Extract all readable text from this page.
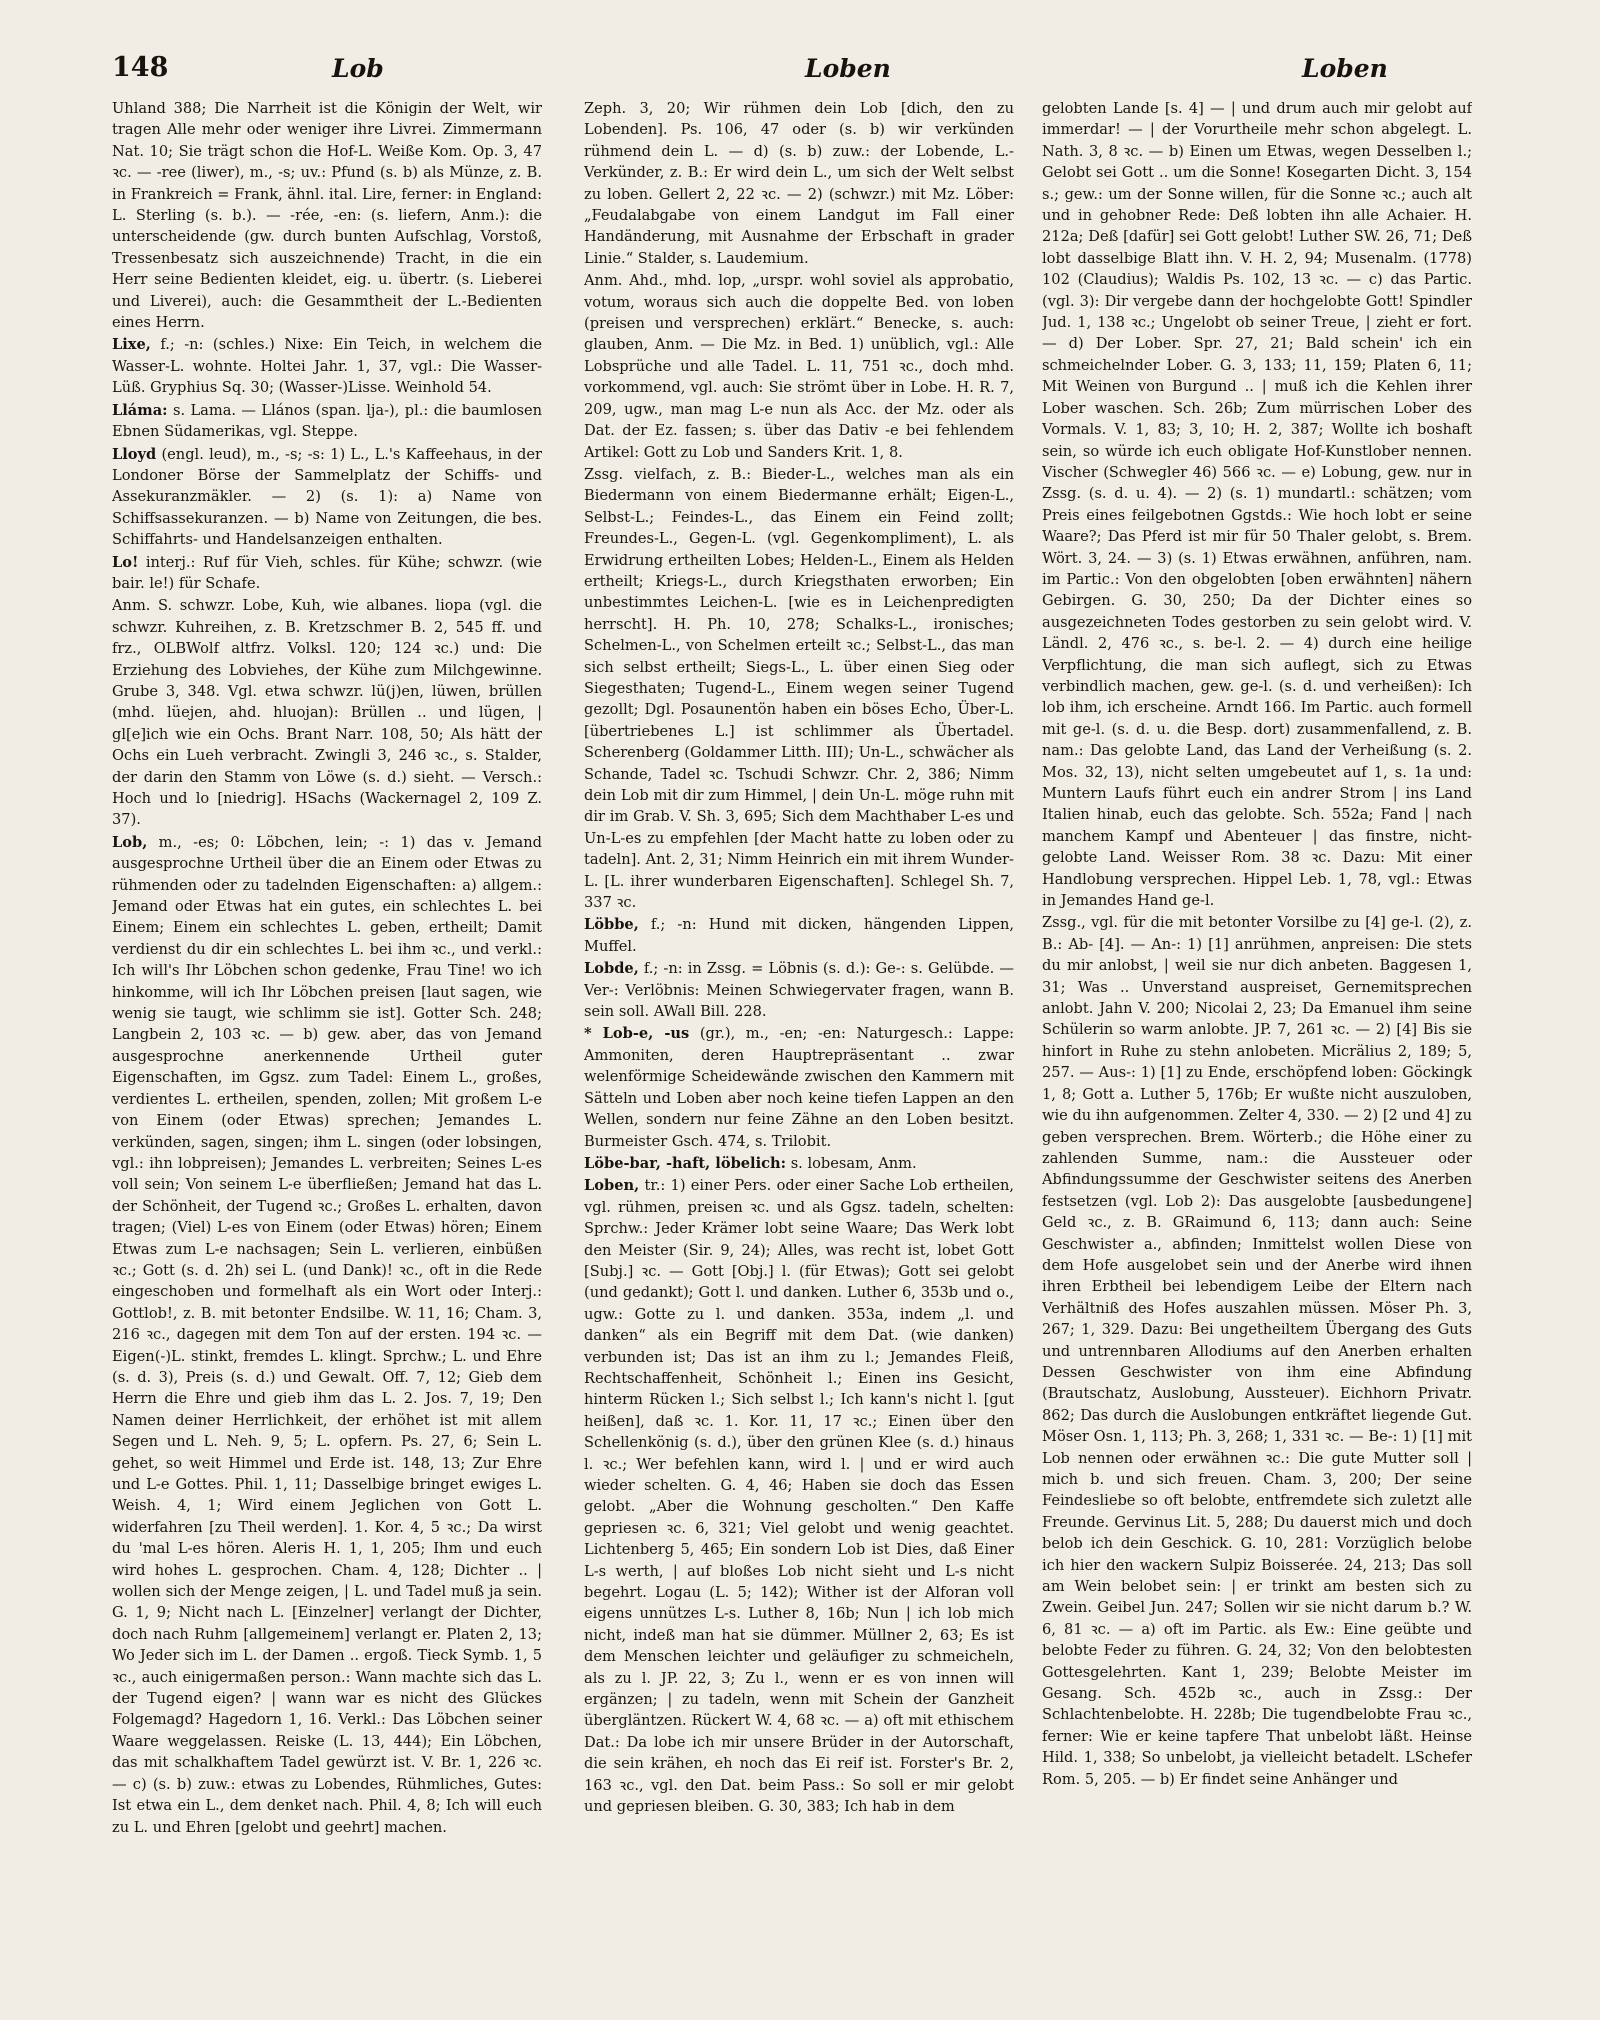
148	Lob	Loben	Loben

Uhland 388; Die Narrheit ist die Königin der Welt, wir tragen Alle mehr oder weniger ihre Livrei. Zimmermann Nat. 10; Sie trägt schon die Hof-L. Weiße Kom. Op. 3, 47 ꝛc. — -ree (liwer), m., -s; uv.: Pfund (s. b) als Münze, z. B. in Frankreich = Frank, ähnl. ital. Lire, ferner: in England: L. Sterling (s. b.). — -rée, -en: (s. liefern, Anm.): die unterscheidende (gw. durch bunten Aufschlag, Vorstoß, Tressenbesatz sich auszeichnende) Tracht, in die ein Herr seine Bedienten kleidet, eig. u. übertr. (s. Lieberei und Liverei), auch: die Gesammtheit der L.-Bedienten eines Herrn.

Lixe, f.; -n: (schles.) Nixe: Ein Teich, in welchem die Wasser-L. wohnte. Holtei Jahr. 1, 37, vgl.: Die Wasser-Lüß. Gryphius Sq. 30; (Wasser-)Lisse. Weinhold 54.

Lláma: s. Lama. — Llános (span. lja-), pl.: die baumlosen Ebnen Südamerikas, vgl. Steppe.

Lloyd (engl. leud), m., -s; -s: 1) L., L.'s Kaffeehaus, in der Londoner Börse der Sammelplatz der Schiffs- und Assekuranzmäkler. — 2) (s. 1): a) Name von Schiffsassekuranzen. — b) Name von Zeitungen, die bes. Schiffahrts- und Handelsanzeigen enthalten.

Lo! interj.: Ruf für Vieh, schles. für Kühe; schwzr. (wie bair. le!) für Schafe.

Anm. S. schwzr. Lobe, Kuh, wie albanes. liopa (vgl. die schwzr. Kuhreihen, z. B. Kretzschmer B. 2, 545 ff. und frz., OLBWolf altfrz. Volksl. 120; 124 ꝛc.) und: Die Erziehung des Lobviehes, der Kühe zum Milchgewinne. Grube 3, 348. Vgl. etwa schwzr. lü(j)en, lüwen, brüllen (mhd. lüejen, ahd. hluojan): Brüllen .. und lügen, | gl[e]ich wie ein Ochs. Brant Narr. 108, 50; Als hätt der Ochs ein Lueh verbracht. Zwingli 3, 246 ꝛc., s. Stalder, der darin den Stamm von Löwe (s. d.) sieht. — Versch.: Hoch und lo [niedrig]. HSachs (Wackernagel 2, 109 Z. 37).

Lob, m., -es; 0: Löbchen, lein; -: 1) das v. Jemand ausgesprochne Urtheil über die an Einem oder Etwas zu rühmenden oder zu tadelnden Eigenschaften: a) allgem.: Jemand oder Etwas hat ein gutes, ein schlechtes L. bei Einem; Einem ein schlechtes L. geben, ertheilt; Damit verdienst du dir ein schlechtes L. bei ihm ꝛc., und verkl.: Ich will's Ihr Löbchen schon gedenke, Frau Tine! wo ich hinkomme, will ich Ihr Löbchen preisen [laut sagen, wie wenig sie taugt, wie schlimm sie ist]. Gotter Sch. 248; Langbein 2, 103 ꝛc. — b) gew. aber, das von Jemand ausgesprochne anerkennende Urtheil guter Eigenschaften, im Ggsz. zum Tadel: Einem L., großes, verdientes L. ertheilen, spenden, zollen; Mit großem L-e von Einem (oder Etwas) sprechen; Jemandes L. verkünden, sagen, singen; ihm L. singen (oder lobsingen, vgl.: ihn lobpreisen); Jemandes L. verbreiten; Seines L-es voll sein; Von seinem L-e überfließen; Jemand hat das L. der Schönheit, der Tugend ꝛc.; Großes L. erhalten, davon tragen; (Viel) L-es von Einem (oder Etwas) hören; Einem Etwas zum L-e nachsagen; Sein L. verlieren, einbüßen ꝛc.; Gott (s. d. 2h) sei L. (und Dank)! ꝛc., oft in die Rede eingeschoben und formelhaft als ein Wort oder Interj.: Gottlob!, z. B. mit betonter Endsilbe. W. 11, 16; Cham. 3, 216 ꝛc., dagegen mit dem Ton auf der ersten. 194 ꝛc. — Eigen(-)L. stinkt, fremdes L. klingt. Sprchw.; L. und Ehre (s. d. 3), Preis (s. d.) und Gewalt. Off. 7, 12; Gieb dem Herrn die Ehre und gieb ihm das L. 2. Jos. 7, 19; Den Namen deiner Herrlichkeit, der erhöhet ist mit allem Segen und L. Neh. 9, 5; L. opfern. Ps. 27, 6; Sein L. gehet, so weit Himmel und Erde ist. 148, 13; Zur Ehre und L-e Gottes. Phil. 1, 11; Dasselbige bringet ewiges L. Weish. 4, 1; Wird einem Jeglichen von Gott L. widerfahren [zu Theil werden]. 1. Kor. 4, 5 ꝛc.; Da wirst du 'mal L-es hören. Aleris H. 1, 1, 205; Ihm und euch wird hohes L. gesprochen. Cham. 4, 128; Dichter .. | wollen sich der Menge zeigen, | L. und Tadel muß ja sein. G. 1, 9; Nicht nach L. [Einzelner] verlangt der Dichter, doch nach Ruhm [allgemeinem] verlangt er. Platen 2, 13; Wo Jeder sich im L. der Damen .. ergoß. Tieck Symb. 1, 5 ꝛc., auch einigermaßen person.: Wann machte sich das L. der Tugend eigen? | wann war es nicht des Glückes Folgemagd? Hagedorn 1, 16. Verkl.: Das Löbchen seiner Waare weggelassen. Reiske (L. 13, 444); Ein Löbchen, das mit schalkhaftem Tadel gewürzt ist. V. Br. 1, 226 ꝛc. — c) (s. b) zuw.: etwas zu Lobendes, Rühmliches, Gutes: Ist etwa ein L., dem denket nach. Phil. 4, 8; Ich will euch zu L. und Ehren [gelobt und geehrt] machen.

Zeph. 3, 20; Wir rühmen dein Lob [dich, den zu Lobenden]. Ps. 106, 47 oder (s. b) wir verkünden rühmend dein L. — d) (s. b) zuw.: der Lobende, L.-Verkünder, z. B.: Er wird dein L., um sich der Welt selbst zu loben. Gellert 2, 22 ꝛc. — 2) (schwzr.) mit Mz. Löber: „Feudalabgabe von einem Landgut im Fall einer Handänderung, mit Ausnahme der Erbschaft in grader Linie.“ Stalder, s. Laudemium.

Anm. Ahd., mhd. lop, „urspr. wohl soviel als approbatio, votum, woraus sich auch die doppelte Bed. von loben (preisen und versprechen) erklärt.“ Benecke, s. auch: glauben, Anm. — Die Mz. in Bed. 1) unüblich, vgl.: Alle Lobsprüche und alle Tadel. L. 11, 751 ꝛc., doch mhd. vorkommend, vgl. auch: Sie strömt über in Lobe. H. R. 7, 209, ugw., man mag L-e nun als Acc. der Mz. oder als Dat. der Ez. fassen; s. über das Dativ -e bei fehlendem Artikel: Gott zu Lob und Sanders Krit. 1, 8.

Zssg. vielfach, z. B.: Bieder-L., welches man als ein Biedermann von einem Biedermanne erhält; Eigen-L., Selbst-L.; Feindes-L., das Einem ein Feind zollt; Freundes-L., Gegen-L. (vgl. Gegenkompliment), L. als Erwidrung ertheilten Lobes; Helden-L., Einem als Helden ertheilt; Kriegs-L., durch Kriegsthaten erworben; Ein unbestimmtes Leichen-L. [wie es in Leichenpredigten herrscht]. H. Ph. 10, 278; Schalks-L., ironisches; Schelmen-L., von Schelmen erteilt ꝛc.; Selbst-L., das man sich selbst ertheilt; Siegs-L., L. über einen Sieg oder Siegesthaten; Tugend-L., Einem wegen seiner Tugend gezollt; Dgl. Posaunentön haben ein böses Echo, Über-L. [übertriebenes L.] ist schlimmer als Übertadel. Scherenberg (Goldammer Litth. III); Un-L., schwächer als Schande, Tadel ꝛc. Tschudi Schwzr. Chr. 2, 386; Nimm dein Lob mit dir zum Himmel, | dein Un-L. möge ruhn mit dir im Grab. V. Sh. 3, 695; Sich dem Machthaber L-es und Un-L-es zu empfehlen [der Macht hatte zu loben oder zu tadeln]. Ant. 2, 31; Nimm Heinrich ein mit ihrem Wunder-L. [L. ihrer wunderbaren Eigenschaften]. Schlegel Sh. 7, 337 ꝛc.

Löbbe, f.; -n: Hund mit dicken, hängenden Lippen, Muffel.

Lobde, f.; -n: in Zssg. = Löbnis (s. d.): Ge-: s. Gelübde. — Ver-: Verlöbnis: Meinen Schwiegervater fragen, wann B. sein soll. AWall Bill. 228.

* Lob-e, -us (gr.), m., -en; -en: Naturgesch.: Lappe: Ammoniten, deren Hauptrepräsentant .. zwar welenförmige Scheidewände zwischen den Kammern mit Sätteln und Loben aber noch keine tiefen Lappen an den Wellen, sondern nur feine Zähne an den Loben besitzt. Burmeister Gsch. 474, s. Trilobit.

Löbe-bar, -haft, löbelich: s. lobesam, Anm.

Loben, tr.: 1) einer Pers. oder einer Sache Lob ertheilen, vgl. rühmen, preisen ꝛc. und als Ggsz. tadeln, schelten: Sprchw.: Jeder Krämer lobt seine Waare; Das Werk lobt den Meister (Sir. 9, 24); Alles, was recht ist, lobet Gott [Subj.] ꝛc. — Gott [Obj.] l. (für Etwas); Gott sei gelobt (und gedankt); Gott l. und danken. Luther 6, 353b und o., ugw.: Gotte zu l. und danken. 353a, indem „l. und danken“ als ein Begriff mit dem Dat. (wie danken) verbunden ist; Das ist an ihm zu l.; Jemandes Fleiß, Rechtschaffenheit, Schönheit l.; Einen ins Gesicht, hinterm Rücken l.; Sich selbst l.; Ich kann's nicht l. [gut heißen], daß ꝛc. 1. Kor. 11, 17 ꝛc.; Einen über den Schellenkönig (s. d.), über den grünen Klee (s. d.) hinaus l. ꝛc.; Wer befehlen kann, wird l. | und er wird auch wieder schelten. G. 4, 46; Haben sie doch das Essen gelobt. „Aber die Wohnung gescholten.“ Den Kaffe gepriesen ꝛc. 6, 321; Viel gelobt und wenig geachtet. Lichtenberg 5, 465; Ein sondern Lob ist Dies, daß Einer L-s werth, | auf bloßes Lob nicht sieht und L-s nicht begehrt. Logau (L. 5; 142); Wither ist der Alforan voll eigens unnützes L-s. Luther 8, 16b; Nun | ich lob mich nicht, indeß man hat sie dümmer. Müllner 2, 63; Es ist dem Menschen leichter und geläufiger zu schmeicheln, als zu l. JP. 22, 3; Zu l., wenn er es von innen will ergänzen; | zu tadeln, wenn mit Schein der Ganzheit übergläntzen. Rückert W. 4, 68 ꝛc. — a) oft mit ethischem Dat.: Da lobe ich mir unsere Brüder in der Autorschaft, die sein krähen, eh noch das Ei reif ist. Forster's Br. 2, 163 ꝛc., vgl. den Dat. beim Pass.: So soll er mir gelobt und gepriesen bleiben. G. 30, 383; Ich hab in dem

gelobten Lande [s. 4] — | und drum auch mir gelobt auf immerdar! — | der Vorurtheile mehr schon abgelegt. L. Nath. 3, 8 ꝛc. — b) Einen um Etwas, wegen Desselben l.; Gelobt sei Gott .. um die Sonne! Kosegarten Dicht. 3, 154 s.; gew.: um der Sonne willen, für die Sonne ꝛc.; auch alt und in gehobner Rede: Deß lobten ihn alle Achaier. H. 212a; Deß [dafür] sei Gott gelobt! Luther SW. 26, 71; Deß lobt dasselbige Blatt ihn. V. H. 2, 94; Musenalm. (1778) 102 (Claudius); Waldis Ps. 102, 13 ꝛc. — c) das Partic. (vgl. 3): Dir vergebe dann der hochgelobte Gott! Spindler Jud. 1, 138 ꝛc.; Ungelobt ob seiner Treue, | zieht er fort. — d) Der Lober. Spr. 27, 21; Bald schein' ich ein schmeichelnder Lober. G. 3, 133; 11, 159; Platen 6, 11; Mit Weinen von Burgund .. | muß ich die Kehlen ihrer Lober waschen. Sch. 26b; Zum mürrischen Lober des Vormals. V. 1, 83; 3, 10; H. 2, 387; Wollte ich boshaft sein, so würde ich euch obligate Hof-Kunstlober nennen. Vischer (Schwegler 46) 566 ꝛc. — e) Lobung, gew. nur in Zssg. (s. d. u. 4). — 2) (s. 1) mundartl.: schätzen; vom Preis eines feilgebotnen Ggstds.: Wie hoch lobt er seine Waare?; Das Pferd ist mir für 50 Thaler gelobt, s. Brem. Wört. 3, 24. — 3) (s. 1) Etwas erwähnen, anführen, nam. im Partic.: Von den obgelobten [oben erwähnten] nähern Gebirgen. G. 30, 250; Da der Dichter eines so ausgezeichneten Todes gestorben zu sein gelobt wird. V. Ländl. 2, 476 ꝛc., s. be-l. 2. — 4) durch eine heilige Verpflichtung, die man sich auflegt, sich zu Etwas verbindlich machen, gew. ge-l. (s. d. und verheißen): Ich lob ihm, ich erscheine. Arndt 166. Im Partic. auch formell mit ge-l. (s. d. u. die Besp. dort) zusammenfallend, z. B. nam.: Das gelobte Land, das Land der Verheißung (s. 2. Mos. 32, 13), nicht selten umgebeutet auf 1, s. 1a und: Muntern Laufs führt euch ein andrer Strom | ins Land Italien hinab, euch das gelobte. Sch. 552a; Fand | nach manchem Kampf und Abenteuer | das finstre, nicht-gelobte Land. Weisser Rom. 38 ꝛc. Dazu: Mit einer Handlobung versprechen. Hippel Leb. 1, 78, vgl.: Etwas in Jemandes Hand ge-l.

Zssg., vgl. für die mit betonter Vorsilbe zu [4] ge-l. (2), z. B.: Ab- [4]. — An-: 1) [1] anrühmen, anpreisen: Die stets du mir anlobst, | weil sie nur dich anbeten. Baggesen 1, 31; Was .. Unverstand auspreiset, Gernemitsprechen anlobt. Jahn V. 200; Nicolai 2, 23; Da Emanuel ihm seine Schülerin so warm anlobte. JP. 7, 261 ꝛc. — 2) [4] Bis sie hinfort in Ruhe zu stehn anlobeten. Micrälius 2, 189; 5, 257. — Aus-: 1) [1] zu Ende, erschöpfend loben: Göckingk 1, 8; Gott a. Luther 5, 176b; Er wußte nicht auszuloben, wie du ihn aufgenommen. Zelter 4, 330. — 2) [2 und 4] zu geben versprechen. Brem. Wörterb.; die Höhe einer zu zahlenden Summe, nam.: die Aussteuer oder Abfindungssumme der Geschwister seitens des Anerben festsetzen (vgl. Lob 2): Das ausgelobte [ausbedungene] Geld ꝛc., z. B. GRaimund 6, 113; dann auch: Seine Geschwister a., abfinden; Inmittelst wollen Diese von dem Hofe ausgelobet sein und der Anerbe wird ihnen ihren Erbtheil bei lebendigem Leibe der Eltern nach Verhältniß des Hofes auszahlen müssen. Möser Ph. 3, 267; 1, 329. Dazu: Bei ungetheiltem Übergang des Guts und untrennbaren Allodiums auf den Anerben erhalten Dessen Geschwister von ihm eine Abfindung (Brautschatz, Auslobung, Aussteuer). Eichhorn Privatr. 862; Das durch die Auslobungen entkräftet liegende Gut. Möser Osn. 1, 113; Ph. 3, 268; 1, 331 ꝛc. — Be-: 1) [1] mit Lob nennen oder erwähnen ꝛc.: Die gute Mutter soll | mich b. und sich freuen. Cham. 3, 200; Der seine Feindesliebe so oft belobte, entfremdete sich zuletzt alle Freunde. Gervinus Lit. 5, 288; Du dauerst mich und doch belob ich dein Geschick. G. 10, 281: Vorzüglich belobe ich hier den wackern Sulpiz Boisserée. 24, 213; Das soll am Wein belobet sein: | er trinkt am besten sich zu Zwein. Geibel Jun. 247; Sollen wir sie nicht darum b.? W. 6, 81 ꝛc. — a) oft im Partic. als Ew.: Eine geübte und belobte Feder zu führen. G. 24, 32; Von den belobtesten Gottesgelehrten. Kant 1, 239; Belobte Meister im Gesang. Sch. 452b ꝛc., auch in Zssg.: Der Schlachtenbelobte. H. 228b; Die tugendbelobte Frau ꝛc., ferner: Wie er keine tapfere That unbelobt läßt. Heinse Hild. 1, 338; So unbelobt, ja vielleicht betadelt. LSchefer Rom. 5, 205. — b) Er findet seine Anhänger und
